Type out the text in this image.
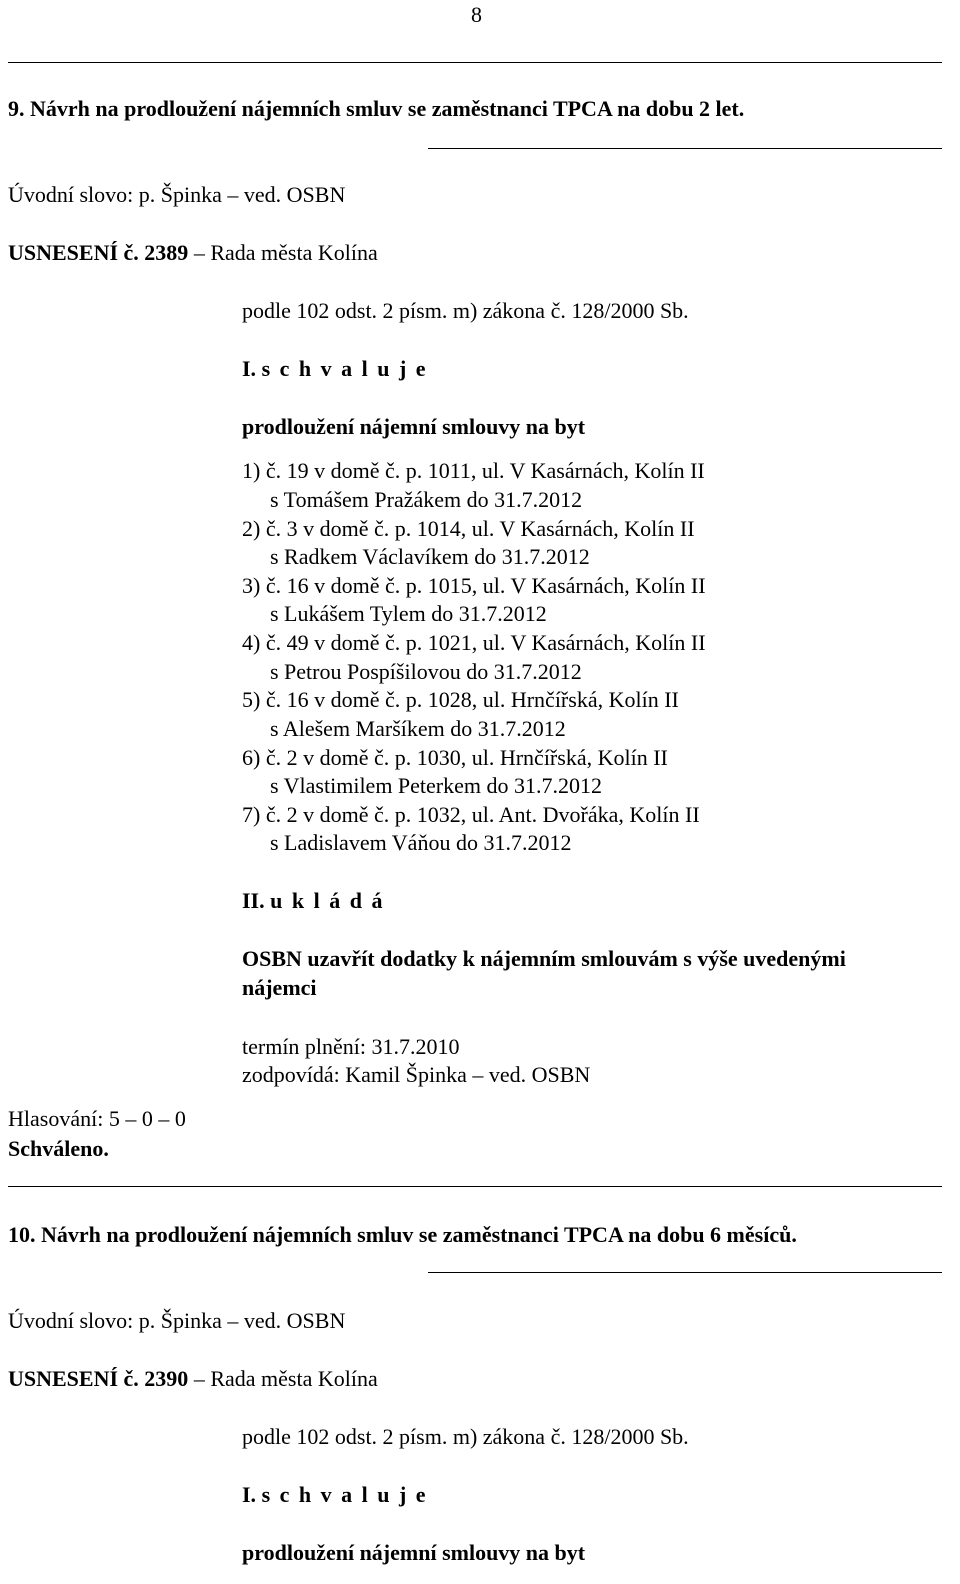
8
9. Návrh na prodloužení nájemních smluv se zaměstnanci TPCA na dobu 2 let.
Úvodní slovo: p. Špinka – ved. OSBN
USNESENÍ č. 2389 – Rada města Kolína
podle 102 odst. 2 písm. m) zákona č. 128/2000 Sb.
I. s c h v a l u j e
prodloužení nájemní smlouvy na byt
1) č. 19 v domě č. p. 1011, ul. V Kasárnách, Kolín II
s Tomášem Pražákem do 31.7.2012
2) č. 3 v domě č. p. 1014, ul. V Kasárnách, Kolín II
s Radkem Václavíkem do 31.7.2012
3) č. 16 v domě č. p. 1015, ul. V Kasárnách, Kolín II
s Lukášem Tylem do 31.7.2012
4) č. 49 v domě č. p. 1021, ul. V Kasárnách, Kolín II
s Petrou Pospíšilovou do 31.7.2012
5) č. 16 v domě č. p. 1028, ul. Hrnčířská, Kolín II
s Alešem Maršíkem do 31.7.2012
6) č. 2 v domě č. p. 1030, ul. Hrnčířská, Kolín II
s Vlastimilem Peterkem do 31.7.2012
7) č. 2 v domě č. p. 1032, ul. Ant. Dvořáka, Kolín II
s Ladislavem Váňou do 31.7.2012
II. u k l á d á
OSBN uzavřít dodatky k nájemním smlouvám s výše uvedenými
nájemci
termín plnění: 31.7.2010
zodpovídá: Kamil Špinka – ved. OSBN
Hlasování: 5 – 0 – 0
Schváleno.
10. Návrh na prodloužení nájemních smluv se zaměstnanci TPCA na dobu 6 měsíců.
Úvodní slovo: p. Špinka – ved. OSBN
USNESENÍ č. 2390 – Rada města Kolína
podle 102 odst. 2 písm. m) zákona č. 128/2000 Sb.
I. s c h v a l u j e
prodloužení nájemní smlouvy na byt
